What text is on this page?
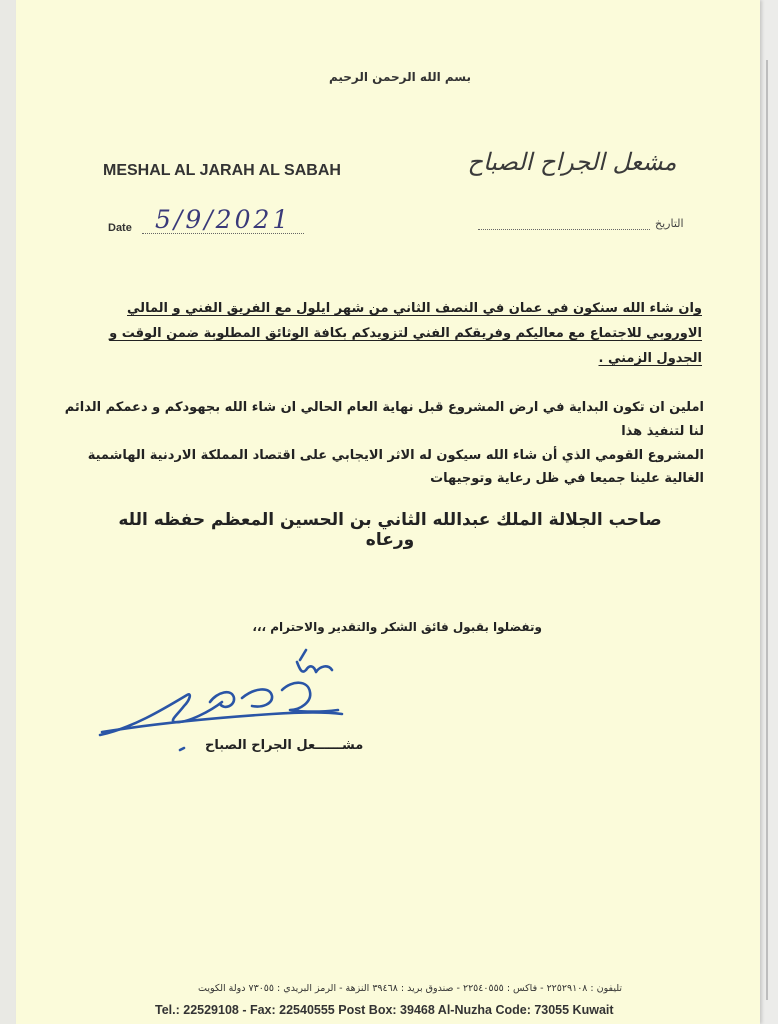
بسم الله الرحمن الرحيم
MESHAL AL JARAH AL SABAH	مشعل الجراح الصباح
Date 5/9/2021	التاريخ
وان شاء الله سنكون في عمان في النصف الثاني من شهر ايلول مع الفريق الفني و المالي
الاوروبي للاجتماع مع معاليكم وفريقكم الفني لتزويدكم بكافة الوثائق المطلوبة ضمن الوقت و
الجدول الزمني .
املين ان تكون البداية في ارض المشروع قبل نهاية العام الحالي ان شاء الله بجهودكم و دعمكم الدائم لنا لتنفيذ هذا
المشروع القومي الذي أن شاء الله سيكون له الاثر الايجابي على اقتصاد المملكة الاردنية الهاشمية الغالية علينا جميعا في ظل رعاية وتوجيهات
صاحب الجلالة الملك عبدالله الثاني بن الحسين المعظم حفظه الله ورعاه
وتفضلوا بقبول فائق الشكر والتقدير والاحترام ،،،
مشــــــعل الجراح الصباح
تليفون : ٢٢٥٢٩١٠٨ - فاكس : ٢٢٥٤٠٥٥٥ - صندوق بريد : ٣٩٤٦٨ النزهة - الرمز البريدي : ٧٣٠٥٥ دولة الكويت
Tel.: 22529108 - Fax: 22540555 Post Box: 39468 Al-Nuzha Code: 73055 Kuwait
